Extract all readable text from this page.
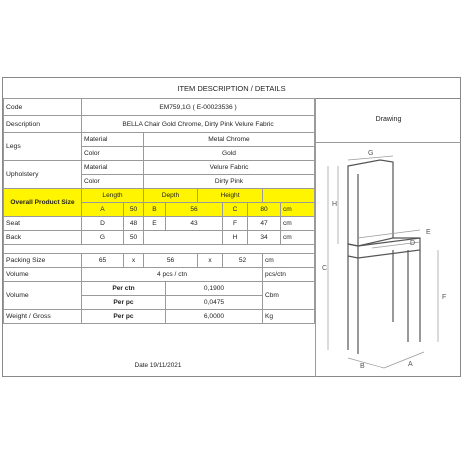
ITEM DESCRIPTION / DETAILS
Code	EM759,1G ( E-00023536 )								
Description	BELLA Chair Gold Chrome, Dirty Pink Velure Fabric								
Legs	Material		Metal Chrome						
	Color		Gold						
Upholstery	Material		Velure Fabric						
	Color		Dirty Pink						
Overall Product Size	Length		Depth		Height				
	A	50	B	56		C	80		cm
Seat	D	48	E	43		F	47		cm
Back	G	50				H	34		cm

Packing Size	65	x	56		x	52		cm	
Volume	4 pcs / ctn							pcs/ctn	
Volume	Per ctn			0,1900				Cbm	
	Per pc			0,0475					
Weight / Gross	Per pc			6,0000				Kg	
Date 19/11/2021
Drawing
G
H
C
E
D
F
B	A
